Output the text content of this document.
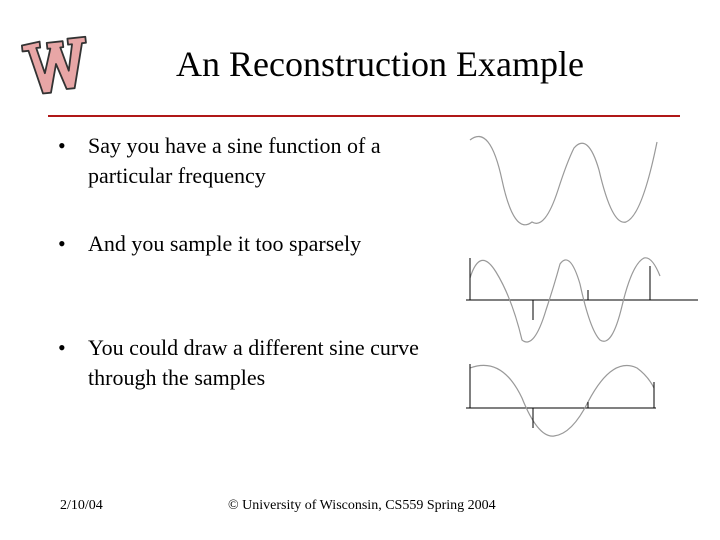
An Reconstruction Example
• Say you have a sine function of a particular frequency
• And you sample it too sparsely
• You could draw a different sine curve through the samples
2/10/04	© University of Wisconsin, CS559 Spring 2004
